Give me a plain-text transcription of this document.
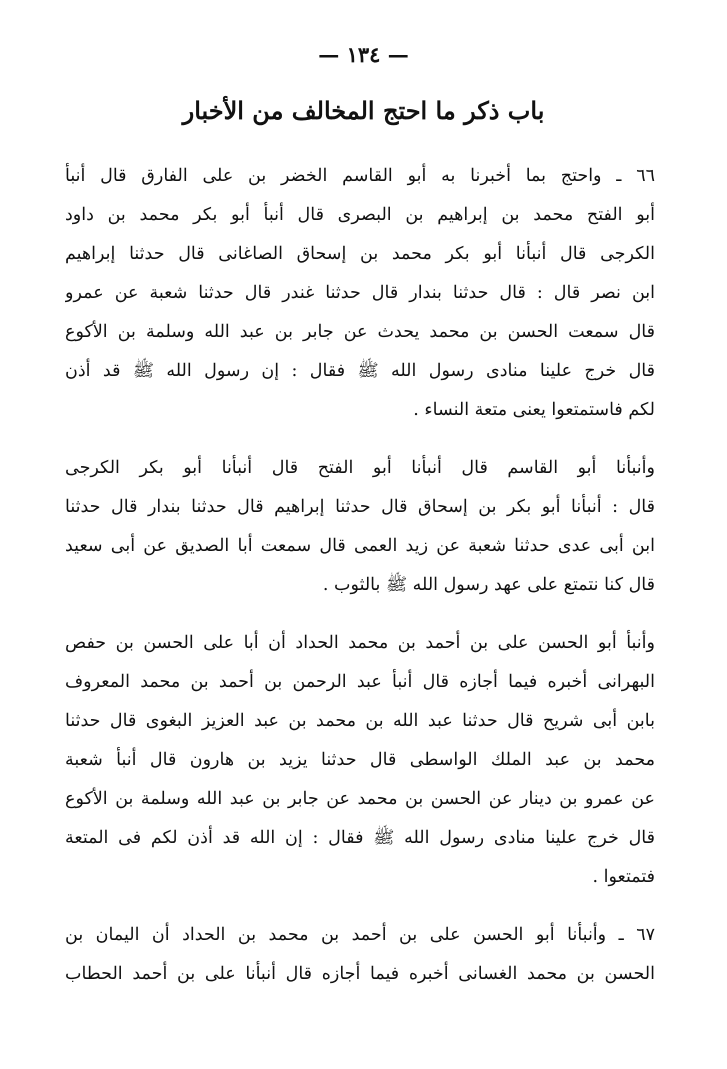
— ١٣٤ —
باب ذكر ما احتج المخالف من الأخبار
٦٦ ـ واحتج بما أخبرنا به أبو القاسم الخضر بن على الفارق قال أنبأ
أبو الفتح محمد بن إبراهيم بن البصرى قال أنبأ أبو بكر محمد بن داود
الكرجى قال أنبأنا أبو بكر محمد بن إسحاق الصاغانى قال حدثنا إبراهيم
ابن نصر قال : قال حدثنا بندار قال حدثنا غندر قال حدثنا شعبة عن عمرو
قال سمعت الحسن بن محمد يحدث عن جابر بن عبد الله وسلمة بن الأكوع
قال خرج علينا منادى رسول الله ﷺ فقال : إن رسول الله ﷺ قد أذن
لكم فاستمتعوا يعنى متعة النساء .
وأنبأنا أبو القاسم قال أنبأنا أبو الفتح قال أنبأنا أبو بكر الكرجى
قال : أنبأنا أبو بكر بن إسحاق قال حدثنا إبراهيم قال حدثنا بندار قال حدثنا
ابن أبى عدى حدثنا شعبة عن زيد العمى قال سمعت أبا الصديق عن أبى سعيد
قال كنا نتمتع على عهد رسول الله ﷺ بالثوب .
وأنبأ أبو الحسن على بن أحمد بن محمد الحداد أن أبا على الحسن بن حفص
البهرانى أخبره فيما أجازه قال أنبأ عبد الرحمن بن أحمد بن محمد المعروف
بابن أبى شريح قال حدثنا عبد الله بن محمد بن عبد العزيز البغوى قال حدثنا
محمد بن عبد الملك الواسطى قال حدثنا يزيد بن هارون قال أنبأ شعبة
عن عمرو بن دينار عن الحسن بن محمد عن جابر بن عبد الله وسلمة بن الأكوع
قال خرج علينا منادى رسول الله ﷺ فقال : إن الله قد أذن لكم فى المتعة
فتمتعوا .
٦٧ ـ وأنبأنا أبو الحسن على بن أحمد بن محمد بن الحداد أن اليمان بن
الحسن بن محمد الغسانى أخبره فيما أجازه قال أنبأنا على بن أحمد الحطاب
